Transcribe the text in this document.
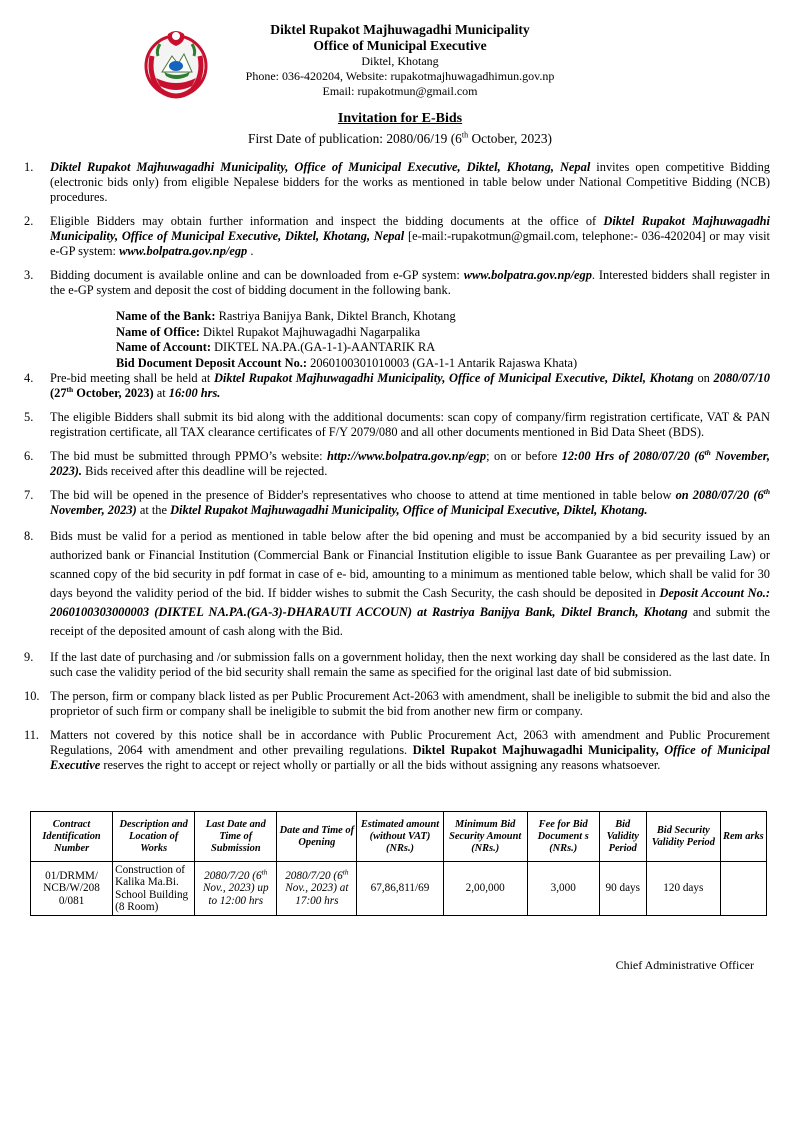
Diktel Rupakot Majhuwagadhi Municipality
Office of Municipal Executive
Diktel, Khotang
Phone: 036-420204, Website: rupakotmajhuwagadhimun.gov.np
Email: rupakotmun@gmail.com
Invitation for E-Bids
First Date of publication: 2080/06/19 (6th October, 2023)
1.	Diktel Rupakot Majhuwagadhi Municipality, Office of Municipal Executive, Diktel, Khotang, Nepal invites open competitive Bidding (electronic bids only) from eligible Nepalese bidders for the works as mentioned in table below under National Competitive Bidding (NCB) procedures.
2.	Eligible Bidders may obtain further information and inspect the bidding documents at the office of Diktel Rupakot Majhuwagadhi Municipality, Office of Municipal Executive, Diktel, Khotang, Nepal [e-mail:-rupakotmun@gmail.com, telephone:- 036-420204] or may visit e-GP system: www.bolpatra.gov.np/egp .
3.	Bidding document is available online and can be downloaded from e-GP system: www.bolpatra.gov.np/egp. Interested bidders shall register in the e-GP system and deposit the cost of bidding document in the following bank.
Name of the Bank: Rastriya Banijya Bank, Diktel Branch, Khotang
Name of Office: Diktel Rupakot Majhuwagadhi Nagarpalika
Name of Account: DIKTEL NA.PA.(GA-1-1)-AANTARIK RA
Bid Document Deposit Account No.: 2060100301010003 (GA-1-1 Antarik Rajaswa Khata)
4.	Pre-bid meeting shall be held at Diktel Rupakot Majhuwagadhi Municipality, Office of Municipal Executive, Diktel, Khotang on 2080/07/10 (27th October, 2023) at 16:00 hrs.
5.	The eligible Bidders shall submit its bid along with the additional documents: scan copy of company/firm registration certificate, VAT & PAN registration certificate, all TAX clearance certificates of F/Y 2079/080 and all other documents mentioned in Bid Data Sheet (BDS).
6.	The bid must be submitted through PPMO’s website: http://www.bolpatra.gov.np/egp; on or before 12:00 Hrs of 2080/07/20 (6th November, 2023). Bids received after this deadline will be rejected.
7.	The bid will be opened in the presence of Bidder's representatives who choose to attend at time mentioned in table below on 2080/07/20 (6th November, 2023) at the Diktel Rupakot Majhuwagadhi Municipality, Office of Municipal Executive, Diktel, Khotang.
8.	Bids must be valid for a period as mentioned in table below after the bid opening and must be accompanied by a bid security issued by an authorized bank or Financial Institution (Commercial Bank or Financial Institution eligible to issue Bank Guarantee as per prevailing Law) or scanned copy of the bid security in pdf format in case of e- bid, amounting to a minimum as mentioned table below, which shall be valid for 30 days beyond the validity period of the bid. If bidder wishes to submit the Cash Security, the cash should be deposited in Deposit Account No.: 2060100303000003 (DIKTEL NA.PA.(GA-3)-DHARAUTI ACCOUN) at Rastriya Banijya Bank, Diktel Branch, Khotang and submit the receipt of the deposited amount of cash along with the Bid.
9.	If the last date of purchasing and /or submission falls on a government holiday, then the next working day shall be considered as the last date. In such case the validity period of the bid security shall remain the same as specified for the original last date of bid submission.
10. The person, firm or company black listed as per Public Procurement Act-2063 with amendment, shall be ineligible to submit the bid and also the proprietor of such firm or company shall be ineligible to submit the bid from another new firm or company.
11. Matters not covered by this notice shall be in accordance with Public Procurement Act, 2063 with amendment and Public Procurement Regulations, 2064 with amendment and other prevailing regulations. Diktel Rupakot Majhuwagadhi Municipality, Office of Municipal Executive reserves the right to accept or reject wholly or partially or all the bids without assigning any reasons whatsoever.
Contract Identification Number	Description and Location of Works	Last Date and Time of Submission	Date and Time of Opening	Estimated amount (without VAT) (NRs.)	Minimum Bid Security Amount (NRs.)	Fee for Bid Document s (NRs.)	Bid Validity Period	Bid Security Validity Period	Rem arks
01/DRMM/ NCB/W/208 0/081	Construction of Kalika Ma.Bi. School Building (8 Room)	2080/7/20 (6th Nov., 2023) up to 12:00 hrs	2080/7/20 (6th Nov., 2023) at 17:00 hrs	67,86,811/69	2,00,000	3,000	90 days	120 days	
Chief Administrative Officer
